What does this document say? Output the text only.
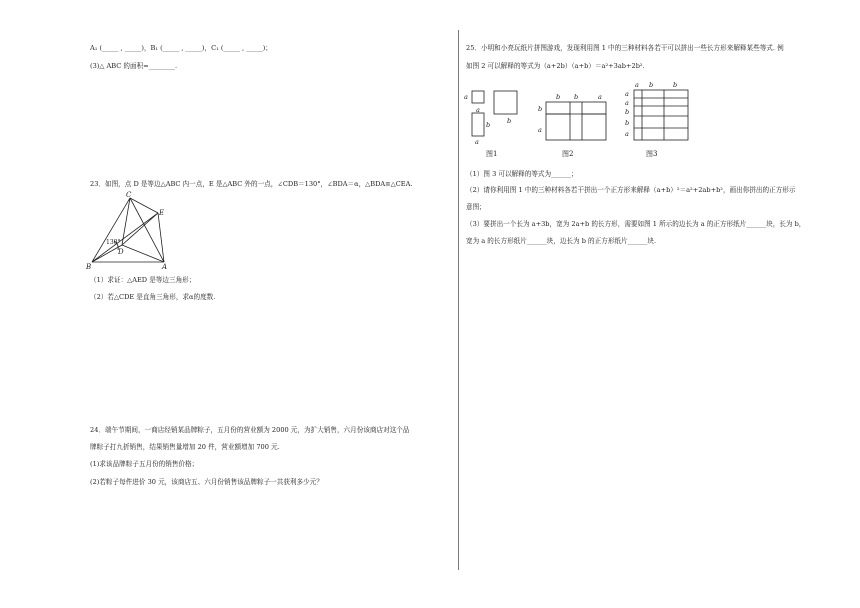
A₁ (_____ , _____)，B₁ (_____ , _____)，C₁ (_____ , _____)；
(3)△ ABC 的面积=________.
23．如图，点 D 是等边△ABC 内一点，E 是△ABC 外的一点，∠CDB＝130°，∠BDA＝α，△BDA≌△CEA.
C
E
D
B	A
130°
（1）求证：△AED 是等边三角形；
（2）若△CDE 是直角三角形，求α的度数.
24．端午节期间，一商店经销某品牌粽子，五月份的营业额为 2000 元，为扩大销售，六月份该商店对这个品
牌粽子打九折销售，结果销售量增加 20 件，营业额增加 700 元.
(1)求该品牌粽子五月份的销售价格；
(2)若粽子每件进价 30 元，该商店五、六月份销售该品牌粽子一共获利多少元？
25．小明和小亮玩纸片拼图游戏，发现利用图 1 中的三种材料各若干可以拼出一些长方形来解释某些等式. 例
如图 2 可以解释的等式为（a+2b）（a+b）＝a²+3ab+2b².
a
a
b
b
a
图1
b b	a
b
a
图2
a b	b
a
a
b
b
a
图3
（1）图 3 可以解释的等式为______；
（2）请你利用图 1 中的三种材料各若干拼出一个正方形来解释（a+b）²＝a²+2ab+b²，画出你拼出的正方形示
意图；
（3）要拼出一个长为 a+3b，宽为 2a+b 的长方形，需要如图 1 所示的边长为 a 的正方形纸片______块，长为 b，
宽为 a 的长方形纸片______块，边长为 b 的正方形纸片______块.
